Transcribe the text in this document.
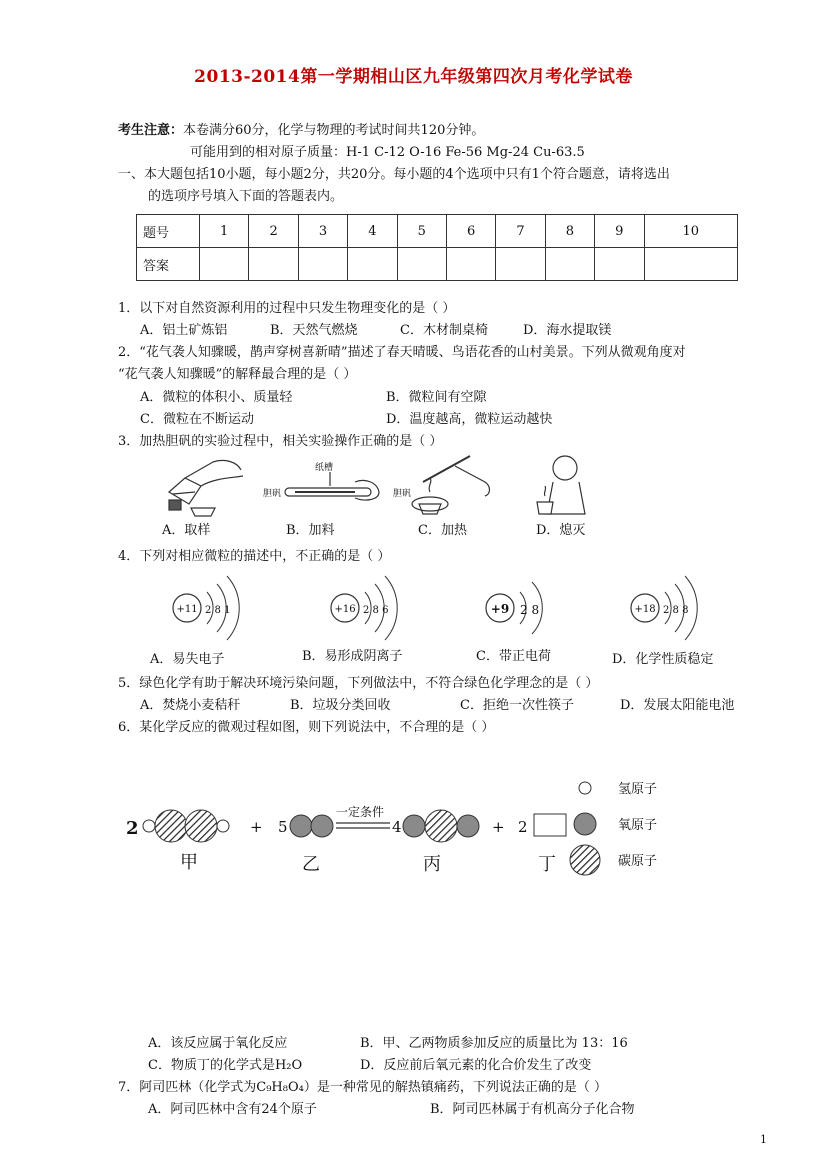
2013-2014第一学期相山区九年级第四次月考化学试卷
考生注意：本卷满分60分，化学与物理的考试时间共120分钟。
可能用到的相对原子质量：H-1 C-12 O-16 Fe-56 Mg-24 Cu-63.5
一、本大题包括10小题，每小题2分，共20分。每小题的4个选项中只有1个符合题意，请将选出
的选项序号填入下面的答题表内。
题号	1	2	3	4	5	6	7	8	9	10
答案										
1．以下对自然资源利用的过程中只发生物理变化的是（ ）
A．铝土矿炼铝	B．天然气燃烧	C．木材制桌椅	D．海水提取镁
2．“花气袭人知骤暖，鹊声穿树喜新晴”描述了春天晴暖、鸟语花香的山村美景。下列从微观角度对
“花气袭人知骤暖”的解释最合理的是（ ）
A．微粒的体积小、质量轻	B．微粒间有空隙
C．微粒在不断运动	D．温度越高，微粒运动越快
3．加热胆矾的实验过程中，相关实验操作正确的是（ ）
胆矾
纸槽
胆矾
A．取样	B．加料	C．加热	D．熄灭
4．下列对相应微粒的描述中，不正确的是（ ）
+11 2 8 1	+16 2 8 6	+9 2 8	+18 2 8 8
A．易失电子	B．易形成阴离子	C．带正电荷	D．化学性质稳定
5．绿色化学有助于解决环境污染问题，下列做法中，不符合绿色化学理念的是（ ）
A．焚烧小麦秸秆	B．垃圾分类回收	C．拒绝一次性筷子	D．发展太阳能电池
6．某化学反应的微观过程如图，则下列说法中，不合理的是（ ）
2
甲
+ 5
乙
一定条件
4
丙
+ 2
丁
氢原子
氧原子
碳原子
A．该反应属于氧化反应	B．甲、乙两物质参加反应的质量比为 13：16
C．物质丁的化学式是H₂O	D．反应前后氧元素的化合价发生了改变
7．阿司匹林（化学式为C₉H₈O₄）是一种常见的解热镇痛药，下列说法正确的是（ ）
A．阿司匹林中含有24个原子	B．阿司匹林属于有机高分子化合物
1
